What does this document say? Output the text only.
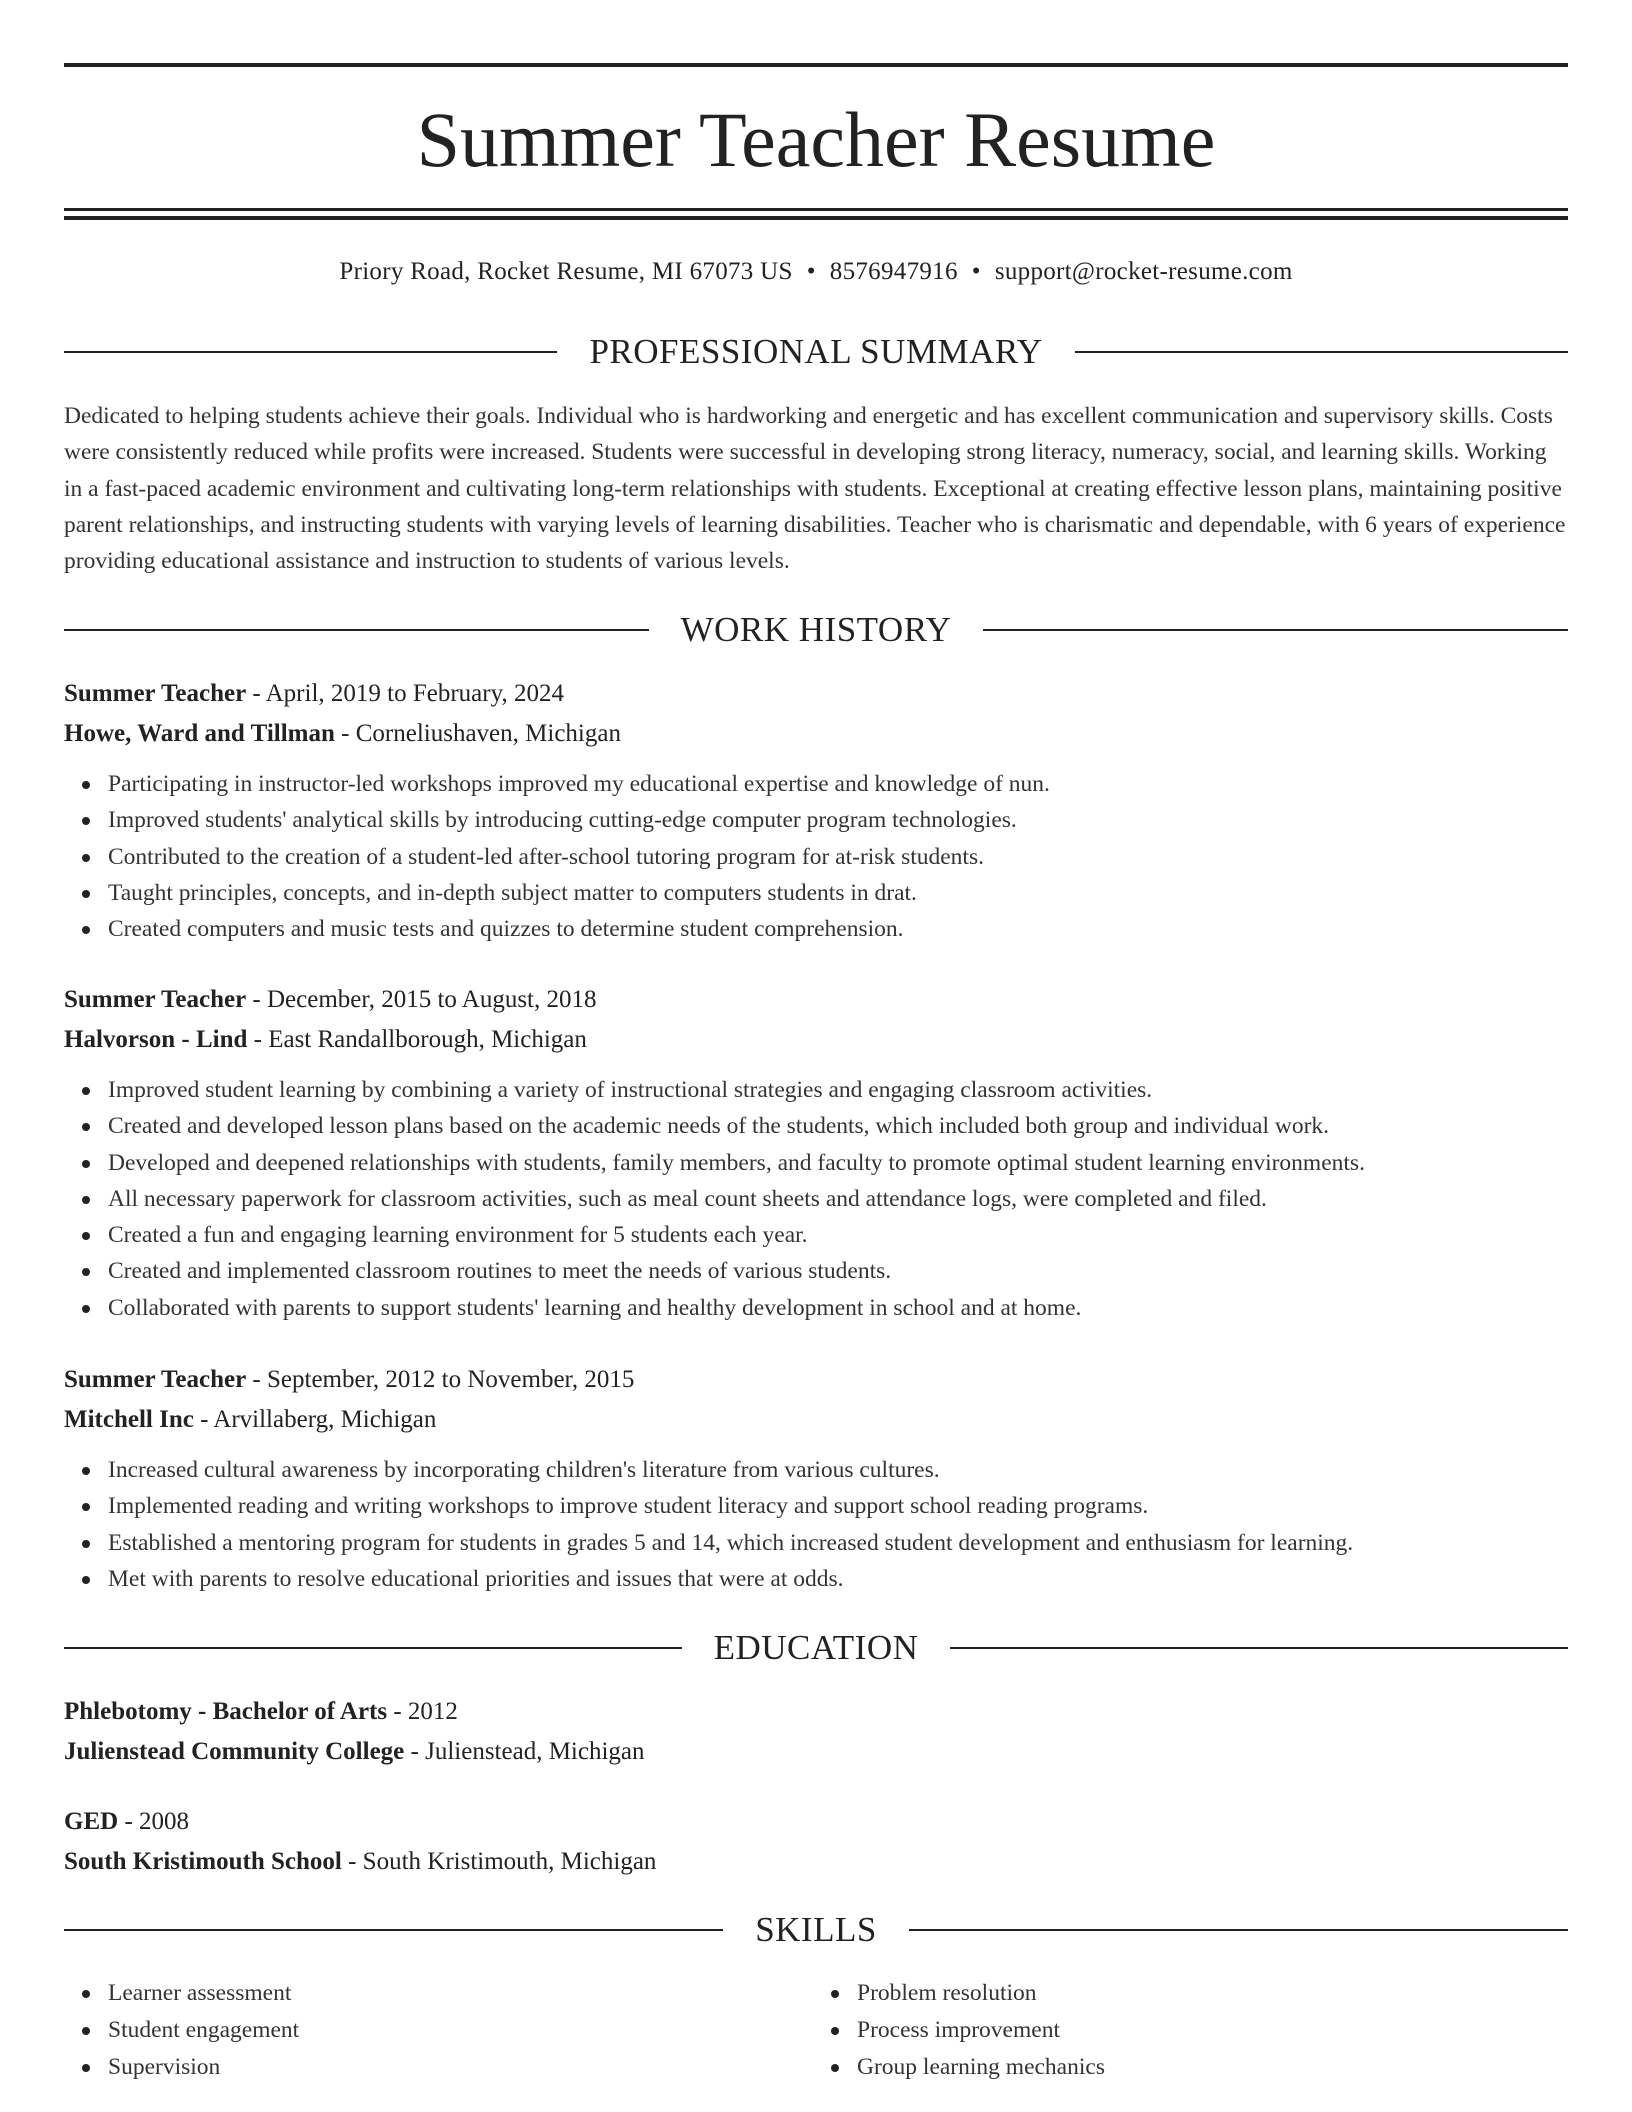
Summer Teacher Resume
Priory Road, Rocket Resume, MI 67073 US • 8576947916 • support@rocket-resume.com
PROFESSIONAL SUMMARY

Dedicated to helping students achieve their goals. Individual who is hardworking and energetic and has excellent communication and supervisory skills. Costs were consistently reduced while profits were increased. Students were successful in developing strong literacy, numeracy, social, and learning skills. Working in a fast-paced academic environment and cultivating long-term relationships with students. Exceptional at creating effective lesson plans, maintaining positive parent relationships, and instructing students with varying levels of learning disabilities. Teacher who is charismatic and dependable, with 6 years of experience providing educational assistance and instruction to students of various levels.

WORK HISTORY
Summer Teacher - April, 2019 to February, 2024
Howe, Ward and Tillman - Corneliushaven, Michigan
Participating in instructor-led workshops improved my educational expertise and knowledge of nun.
Improved students' analytical skills by introducing cutting-edge computer program technologies.
Contributed to the creation of a student-led after-school tutoring program for at-risk students.
Taught principles, concepts, and in-depth subject matter to computers students in drat.
Created computers and music tests and quizzes to determine student comprehension.
Summer Teacher - December, 2015 to August, 2018
Halvorson - Lind - East Randallborough, Michigan
Improved student learning by combining a variety of instructional strategies and engaging classroom activities.
Created and developed lesson plans based on the academic needs of the students, which included both group and individual work.
Developed and deepened relationships with students, family members, and faculty to promote optimal student learning environments.
All necessary paperwork for classroom activities, such as meal count sheets and attendance logs, were completed and filed.
Created a fun and engaging learning environment for 5 students each year.
Created and implemented classroom routines to meet the needs of various students.
Collaborated with parents to support students' learning and healthy development in school and at home.
Summer Teacher - September, 2012 to November, 2015
Mitchell Inc - Arvillaberg, Michigan
Increased cultural awareness by incorporating children's literature from various cultures.
Implemented reading and writing workshops to improve student literacy and support school reading programs.
Established a mentoring program for students in grades 5 and 14, which increased student development and enthusiasm for learning.
Met with parents to resolve educational priorities and issues that were at odds.
EDUCATION
Phlebotomy - Bachelor of Arts - 2012
Julienstead Community College - Julienstead, Michigan
GED - 2008
South Kristimouth School - South Kristimouth, Michigan
SKILLS
Learner assessment
Student engagement
Supervision
Problem resolution
Process improvement
Group learning mechanics
